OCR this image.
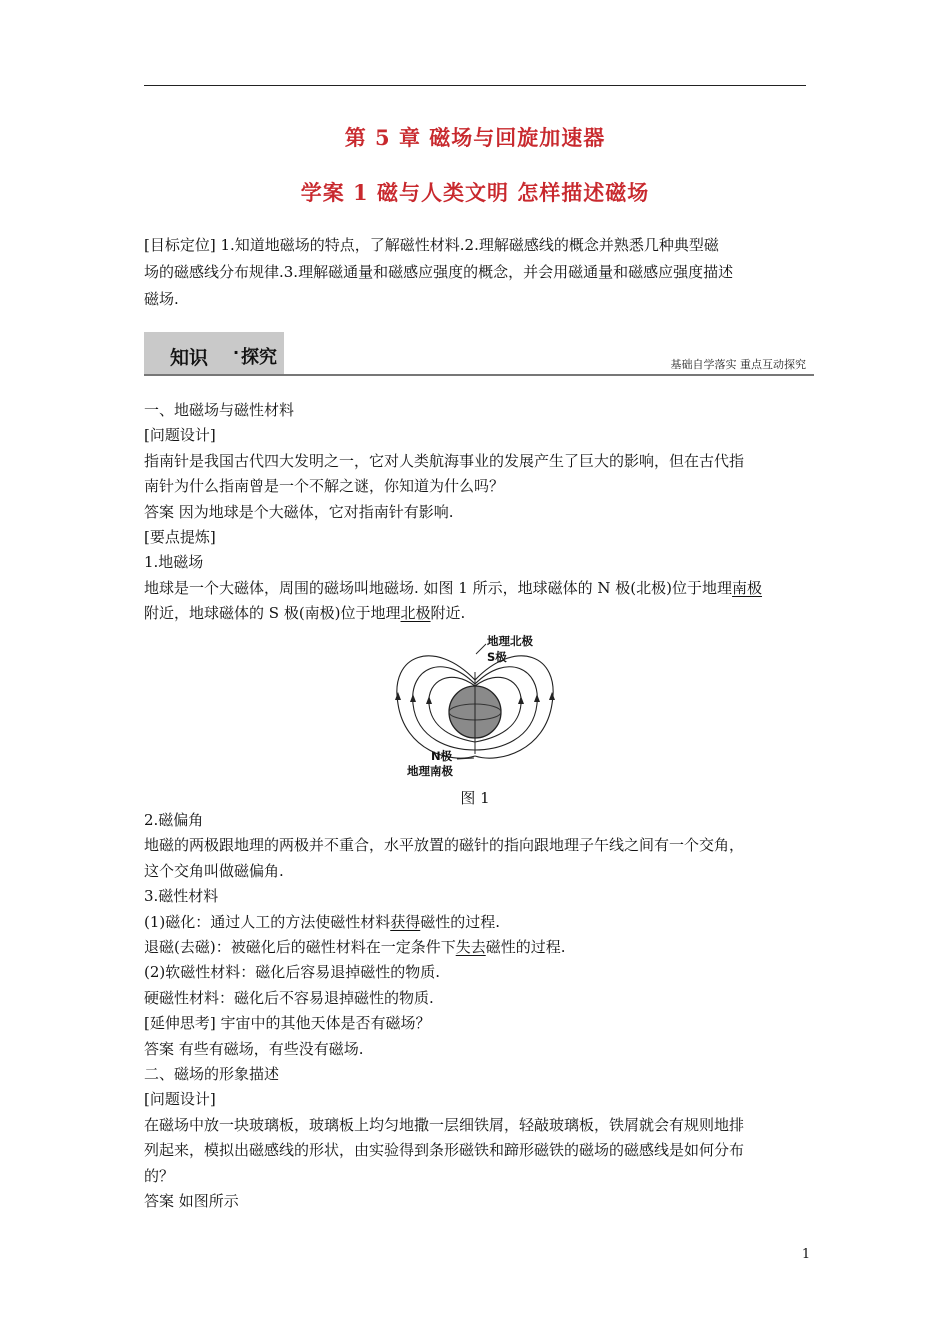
第 5 章 磁场与回旋加速器
学案 1 磁与人类文明 怎样描述磁场
[目标定位] 1.知道地磁场的特点，了解磁性材料.2.理解磁感线的概念并熟悉几种典型磁
场的磁感线分布规律.3.理解磁通量和磁感应强度的概念，并会用磁通量和磁感应强度描述
磁场.
知识 · 探究	基础自学落实 重点互动探究
一、地磁场与磁性材料
[问题设计]
指南针是我国古代四大发明之一，它对人类航海事业的发展产生了巨大的影响，但在古代指
南针为什么指南曾是一个不解之谜，你知道为什么吗？
答案 因为地球是个大磁体，它对指南针有影响.
[要点提炼]
1.地磁场
地球是一个大磁体，周围的磁场叫地磁场. 如图 1 所示，地球磁体的 N 极(北极)位于地理南极
附近，地球磁体的 S 极(南极)位于地理北极附近.
地理北极
S极
N极
地理南极
图 1
2.磁偏角
地磁的两极跟地理的两极并不重合，水平放置的磁针的指向跟地理子午线之间有一个交角，
这个交角叫做磁偏角.
3.磁性材料
(1)磁化：通过人工的方法使磁性材料获得磁性的过程.
退磁(去磁)：被磁化后的磁性材料在一定条件下失去磁性的过程.
(2)软磁性材料：磁化后容易退掉磁性的物质.
硬磁性材料：磁化后不容易退掉磁性的物质.
[延伸思考] 宇宙中的其他天体是否有磁场？
答案 有些有磁场，有些没有磁场.
二、磁场的形象描述
[问题设计]
在磁场中放一块玻璃板，玻璃板上均匀地撒一层细铁屑，轻敲玻璃板，铁屑就会有规则地排
列起来，模拟出磁感线的形状，由实验得到条形磁铁和蹄形磁铁的磁场的磁感线是如何分布
的？
答案 如图所示
1
